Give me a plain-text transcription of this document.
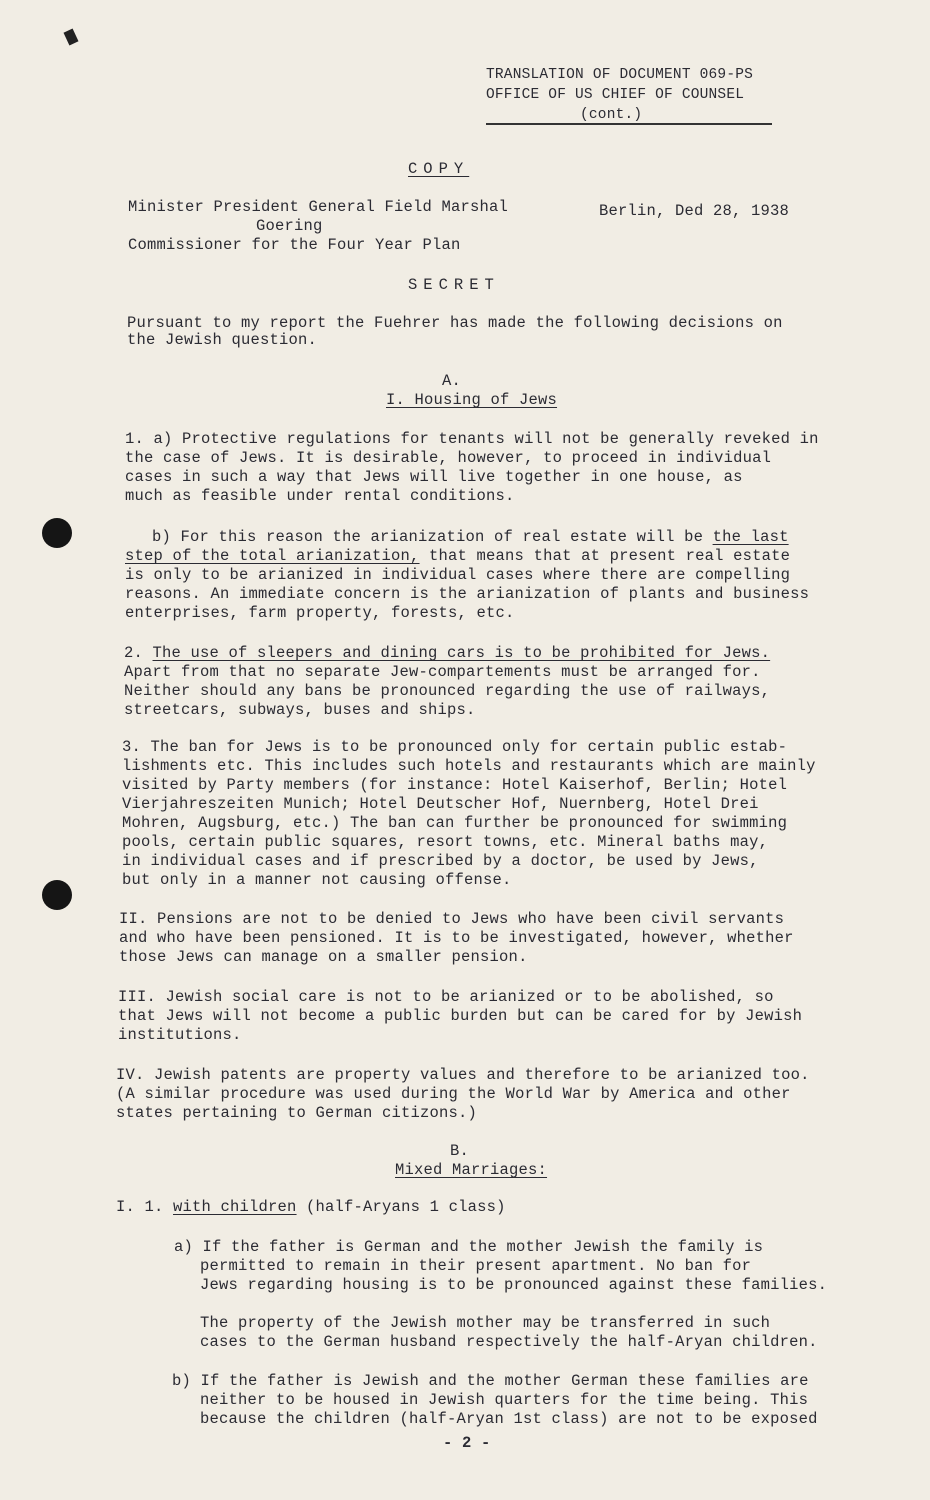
TRANSLATION OF DOCUMENT 069-PS
OFFICE OF US CHIEF OF COUNSEL
(cont.)
COPY
Minister President General Field Marshal
Goering
Commissioner for the Four Year Plan
Berlin, Ded 28, 1938
SECRET
Pursuant to my report the Fuehrer has made the following decisions on
the Jewish question.
A.
I. Housing of Jews
1. a) Protective regulations for tenants will not be generally reveked in
the case of Jews. It is desirable, however, to proceed in individual
cases in such a way that Jews will live together in one house, as
much as feasible under rental conditions.
b) For this reason the arianization of real estate will be the last
step of the total arianization, that means that at present real estate
is only to be arianized in individual cases where there are compelling
reasons. An immediate concern is the arianization of plants and business
enterprises, farm property, forests, etc.
2. The use of sleepers and dining cars is to be prohibited for Jews.
Apart from that no separate Jew-compartements must be arranged for.
Neither should any bans be pronounced regarding the use of railways,
streetcars, subways, buses and ships.
3. The ban for Jews is to be pronounced only for certain public estab-
lishments etc. This includes such hotels and restaurants which are mainly
visited by Party members (for instance: Hotel Kaiserhof, Berlin; Hotel
Vierjahreszeiten Munich; Hotel Deutscher Hof, Nuernberg, Hotel Drei
Mohren, Augsburg, etc.) The ban can further be pronounced for swimming
pools, certain public squares, resort towns, etc. Mineral baths may,
in individual cases and if prescribed by a doctor, be used by Jews,
but only in a manner not causing offense.
II. Pensions are not to be denied to Jews who have been civil servants
and who have been pensioned. It is to be investigated, however, whether
those Jews can manage on a smaller pension.
III. Jewish social care is not to be arianized or to be abolished, so
that Jews will not become a public burden but can be cared for by Jewish
institutions.
IV. Jewish patents are property values and therefore to be arianized too.
(A similar procedure was used during the World War by America and other
states pertaining to German citizons.)
B.
Mixed Marriages:
I. 1. with children (half-Aryans 1 class)
a) If the father is German and the mother Jewish the family is
permitted to remain in their present apartment. No ban for
Jews regarding housing is to be pronounced against these families.
The property of the Jewish mother may be transferred in such
cases to the German husband respectively the half-Aryan children.
b) If the father is Jewish and the mother German these families are
neither to be housed in Jewish quarters for the time being. This
because the children (half-Aryan 1st class) are not to be exposed
- 2 -
